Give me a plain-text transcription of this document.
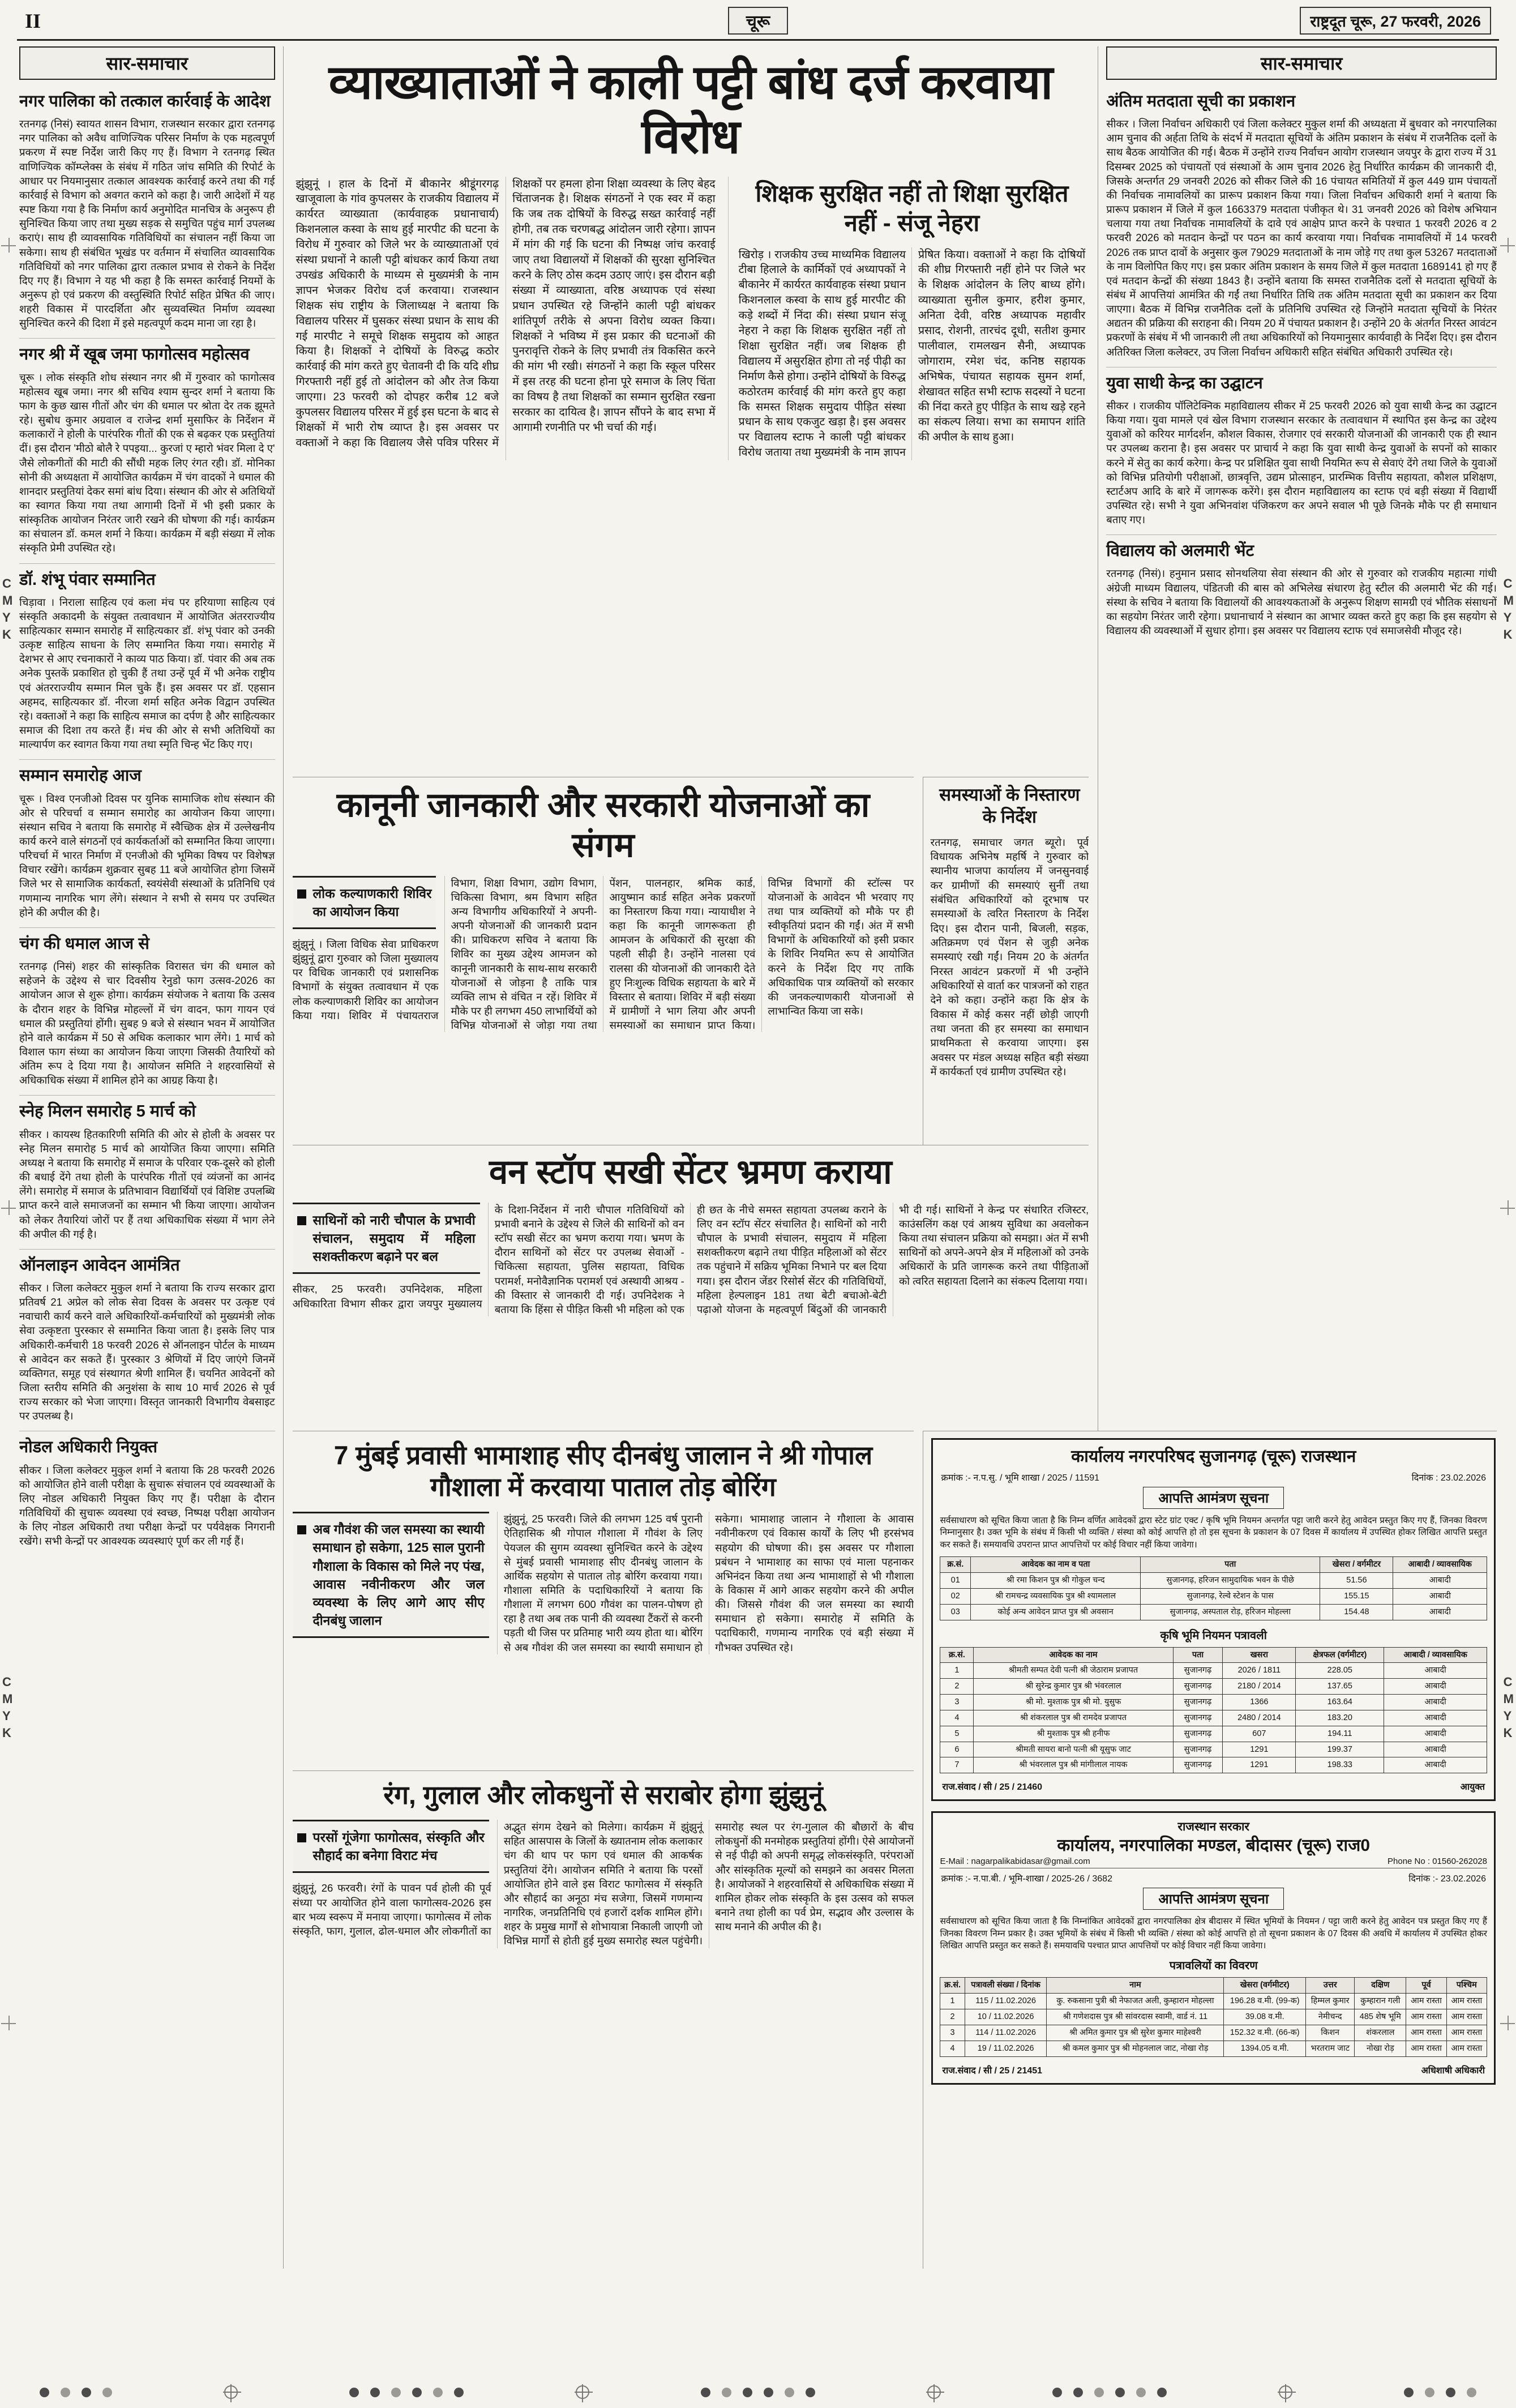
C
M
Y
K
C
M
Y
K
C
M
Y
K
C
M
Y
K
II	चूरू	राष्ट्रदूत चूरू, 27 फरवरी, 2026
सार-समाचार
नगर पालिका को तत्काल कार्रवाई के आदेश

रतनगढ़ (निसं) स्वायत शासन विभाग, राजस्थान सरकार द्वारा रतनगढ़ नगर पालिका को अवैध वाणिज्यिक परिसर निर्माण के एक महत्वपूर्ण प्रकरण में स्पष्ट निर्देश जारी किए गए हैं। विभाग ने रतनगढ़ स्थित वाणिज्यिक कॉम्प्लेक्स के संबंध में गठित जांच समिति की रिपोर्ट के आधार पर नियमानुसार तत्काल आवश्यक कार्रवाई करने तथा की गई कार्रवाई से विभाग को अवगत कराने को कहा है। जारी आदेशों में यह स्पष्ट किया गया है कि निर्माण कार्य अनुमोदित मानचित्र के अनुरूप ही सुनिश्चित किया जाए तथा मुख्य सड़क से समुचित पहुंच मार्ग उपलब्ध कराएं। साथ ही व्यावसायिक गतिविधियों का संचालन नहीं किया जा सकेगा। साथ ही संबंधित भूखंड पर वर्तमान में संचालित व्यावसायिक गतिविधियों को नगर पालिका द्वारा तत्काल प्रभाव से रोकने के निर्देश दिए गए हैं। विभाग ने यह भी कहा है कि समस्त कार्रवाई नियमों के अनुरूप हो एवं प्रकरण की वस्तुस्थिति रिपोर्ट सहित प्रेषित की जाए। शहरी विकास में पारदर्शिता और सुव्यवस्थित निर्माण व्यवस्था सुनिश्चित करने की दिशा में इसे महत्वपूर्ण कदम माना जा रहा है।

नगर श्री में खूब जमा फागोत्सव महोत्सव

चूरू । लोक संस्कृति शोध संस्थान नगर श्री में गुरुवार को फागोत्सव महोत्सव खूब जमा। नगर श्री सचिव श्याम सुन्दर शर्मा ने बताया कि फाग के कुछ खास गीतों और चंग की धमाल पर श्रोता देर तक झूमते रहे। सुबोध कुमार अग्रवाल व राजेन्द्र शर्मा मुसाफिर के निर्देशन में कलाकारों ने होली के पारंपरिक गीतों की एक से बढ़कर एक प्रस्तुतियां दीं। इस दौरान 'मीठो बोलै रे पपइया... कुरजां ए म्हारो भंवर मिला दे ए' जैसे लोकगीतों की माटी की सौंधी महक लिए रंगत रही। डॉ. मोनिका सोनी की अध्यक्षता में आयोजित कार्यक्रम में चंग वादकों ने धमाल की शानदार प्रस्तुतियां देकर समां बांध दिया। संस्थान की ओर से अतिथियों का स्वागत किया गया तथा आगामी दिनों में भी इसी प्रकार के सांस्कृतिक आयोजन निरंतर जारी रखने की घोषणा की गई। कार्यक्रम का संचालन डॉ. कमल शर्मा ने किया। कार्यक्रम में बड़ी संख्या में लोक संस्कृति प्रेमी उपस्थित रहे।

डॉ. शंभू पंवार सम्मानित

चिड़ावा । निराला साहित्य एवं कला मंच पर हरियाणा साहित्य एवं संस्कृति अकादमी के संयुक्त तत्वावधान में आयोजित अंतरराज्यीय साहित्यकार सम्मान समारोह में साहित्यकार डॉ. शंभू पंवार को उनकी उत्कृष्ट साहित्य साधना के लिए सम्मानित किया गया। समारोह में देशभर से आए रचनाकारों ने काव्य पाठ किया। डॉ. पंवार की अब तक अनेक पुस्तकें प्रकाशित हो चुकी हैं तथा उन्हें पूर्व में भी अनेक राष्ट्रीय एवं अंतरराज्यीय सम्मान मिल चुके हैं। इस अवसर पर डॉ. एहसान अहमद, साहित्यकार डॉ. नीरजा शर्मा सहित अनेक विद्वान उपस्थित रहे। वक्ताओं ने कहा कि साहित्य समाज का दर्पण है और साहित्यकार समाज की दिशा तय करते हैं। मंच की ओर से सभी अतिथियों का माल्यार्पण कर स्वागत किया गया तथा स्मृति चिन्ह भेंट किए गए।

सम्मान समारोह आज

चूरू । विश्व एनजीओ दिवस पर युनिक सामाजिक शोध संस्थान की ओर से परिचर्चा व सम्मान समारोह का आयोजन किया जाएगा। संस्थान सचिव ने बताया कि समारोह में स्वैच्छिक क्षेत्र में उल्लेखनीय कार्य करने वाले संगठनों एवं कार्यकर्ताओं को सम्मानित किया जाएगा। परिचर्चा में भारत निर्माण में एनजीओ की भूमिका विषय पर विशेषज्ञ विचार रखेंगे। कार्यक्रम शुक्रवार सुबह 11 बजे आयोजित होगा जिसमें जिले भर से सामाजिक कार्यकर्ता, स्वयंसेवी संस्थाओं के प्रतिनिधि एवं गणमान्य नागरिक भाग लेंगे। संस्थान ने सभी से समय पर उपस्थित होने की अपील की है।

चंग की धमाल आज से

रतनगढ़ (निसं) शहर की सांस्कृतिक विरासत चंग की धमाल को सहेजने के उद्देश्य से चार दिवसीय रेनुडो फाग उत्सव-2026 का आयोजन आज से शुरू होगा। कार्यक्रम संयोजक ने बताया कि उत्सव के दौरान शहर के विभिन्न मोहल्लों में चंग वादन, फाग गायन एवं धमाल की प्रस्तुतियां होंगी। सुबह 9 बजे से संस्थान भवन में आयोजित होने वाले कार्यक्रम में 50 से अधिक कलाकार भाग लेंगे। 1 मार्च को विशाल फाग संध्या का आयोजन किया जाएगा जिसकी तैयारियों को अंतिम रूप दे दिया गया है। आयोजन समिति ने शहरवासियों से अधिकाधिक संख्या में शामिल होने का आग्रह किया है।

स्नेह मिलन समारोह 5 मार्च को

सीकर । कायस्थ हितकारिणी समिति की ओर से होली के अवसर पर स्नेह मिलन समारोह 5 मार्च को आयोजित किया जाएगा। समिति अध्यक्ष ने बताया कि समारोह में समाज के परिवार एक-दूसरे को होली की बधाई देंगे तथा होली के पारंपरिक गीतों एवं व्यंजनों का आनंद लेंगे। समारोह में समाज के प्रतिभावान विद्यार्थियों एवं विशिष्ट उपलब्धि प्राप्त करने वाले समाजजनों का सम्मान भी किया जाएगा। आयोजन को लेकर तैयारियां जोरों पर हैं तथा अधिकाधिक संख्या में भाग लेने की अपील की गई है।

ऑनलाइन आवेदन आमंत्रित

सीकर । जिला कलेक्टर मुकुल शर्मा ने बताया कि राज्य सरकार द्वारा प्रतिवर्ष 21 अप्रेल को लोक सेवा दिवस के अवसर पर उत्कृष्ट एवं नवाचारी कार्य करने वाले अधिकारियों-कर्मचारियों को मुख्यमंत्री लोक सेवा उत्कृष्टता पुरस्कार से सम्मानित किया जाता है। इसके लिए पात्र अधिकारी-कर्मचारी 18 फरवरी 2026 से ऑनलाइन पोर्टल के माध्यम से आवेदन कर सकते हैं। पुरस्कार 3 श्रेणियों में दिए जाएंगे जिनमें व्यक्तिगत, समूह एवं संस्थागत श्रेणी शामिल हैं। चयनित आवेदनों को जिला स्तरीय समिति की अनुशंसा के साथ 10 मार्च 2026 से पूर्व राज्य सरकार को भेजा जाएगा। विस्तृत जानकारी विभागीय वेबसाइट पर उपलब्ध है।

नोडल अधिकारी नियुक्त

सीकर । जिला कलेक्टर मुकुल शर्मा ने बताया कि 28 फरवरी 2026 को आयोजित होने वाली परीक्षा के सुचारू संचालन एवं व्यवस्थाओं के लिए नोडल अधिकारी नियुक्त किए गए हैं। परीक्षा के दौरान गतिविधियों की सुचारू व्यवस्था एवं स्वच्छ, निष्पक्ष परीक्षा आयोजन के लिए नोडल अधिकारी तथा परीक्षा केन्द्रों पर पर्यवेक्षक निगरानी रखेंगे। सभी केन्द्रों पर आवश्यक व्यवस्थाएं पूर्ण कर ली गई हैं।

व्याख्याताओं ने काली पट्टी बांध दर्ज करवाया विरोध
झुंझुनूं । हाल के दिनों में बीकानेर श्रीडूंगरगढ़ खाजूवाला के गांव कुपलसर के राजकीय विद्यालय में कार्यरत व्याख्याता (कार्यवाहक प्रधानाचार्य) किशनलाल कस्वा के साथ हुई मारपीट की घटना के विरोध में गुरुवार को जिले भर के व्याख्याताओं एवं संस्था प्रधानों ने काली पट्टी बांधकर कार्य किया तथा उपखंड अधिकारी के माध्यम से मुख्यमंत्री के नाम ज्ञापन भेजकर विरोध दर्ज करवाया। राजस्थान शिक्षक संघ राष्ट्रीय के जिलाध्यक्ष ने बताया कि विद्यालय परिसर में घुसकर संस्था प्रधान के साथ की गई मारपीट ने समूचे शिक्षक समुदाय को आहत किया है। शिक्षकों ने दोषियों के विरुद्ध कठोर कार्रवाई की मांग करते हुए चेतावनी दी कि यदि शीघ्र गिरफ्तारी नहीं हुई तो आंदोलन को और तेज किया जाएगा। 23 फरवरी को दोपहर करीब 12 बजे कुपलसर विद्यालय परिसर में हुई इस घटना के बाद से शिक्षकों में भारी रोष व्याप्त है। इस अवसर पर वक्ताओं ने कहा कि विद्यालय जैसे पवित्र परिसर में शिक्षकों पर हमला होना शिक्षा व्यवस्था के लिए बेहद चिंताजनक है। शिक्षक संगठनों ने एक स्वर में कहा कि जब तक दोषियों के विरुद्ध सख्त कार्रवाई नहीं होगी, तब तक चरणबद्ध आंदोलन जारी रहेगा। ज्ञापन में मांग की गई कि घटना की निष्पक्ष जांच करवाई जाए तथा विद्यालयों में शिक्षकों की सुरक्षा सुनिश्चित करने के लिए ठोस कदम उठाए जाएं। इस दौरान बड़ी संख्या में व्याख्याता, वरिष्ठ अध्यापक एवं संस्था प्रधान उपस्थित रहे जिन्होंने काली पट्टी बांधकर शांतिपूर्ण तरीके से अपना विरोध व्यक्त किया। शिक्षकों ने भविष्य में इस प्रकार की घटनाओं की पुनरावृत्ति रोकने के लिए प्रभावी तंत्र विकसित करने की मांग भी रखी। संगठनों ने कहा कि स्कूल परिसर में इस तरह की घटना होना पूरे समाज के लिए चिंता का विषय है तथा शिक्षकों का सम्मान सुरक्षित रखना सरकार का दायित्व है। ज्ञापन सौंपने के बाद सभा में आगामी रणनीति पर भी चर्चा की गई।
शिक्षक सुरक्षित नहीं तो शिक्षा सुरक्षित नहीं - संजू नेहरा
खिरोड़ । राजकीय उच्च माध्यमिक विद्यालय टीबा हिलाले के कार्मिकों एवं अध्यापकों ने बीकानेर में कार्यरत कार्यवाहक संस्था प्रधान किशनलाल कस्वा के साथ हुई मारपीट की कड़े शब्दों में निंदा की। संस्था प्रधान संजू नेहरा ने कहा कि शिक्षक सुरक्षित नहीं तो शिक्षा सुरक्षित नहीं। जब शिक्षक ही विद्यालय में असुरक्षित होगा तो नई पीढ़ी का निर्माण कैसे होगा। उन्होंने दोषियों के विरुद्ध कठोरतम कार्रवाई की मांग करते हुए कहा कि समस्त शिक्षक समुदाय पीड़ित संस्था प्रधान के साथ एकजुट खड़ा है। इस अवसर पर विद्यालय स्टाफ ने काली पट्टी बांधकर विरोध जताया तथा मुख्यमंत्री के नाम ज्ञापन प्रेषित किया। वक्ताओं ने कहा कि दोषियों की शीघ्र गिरफ्तारी नहीं होने पर जिले भर के शिक्षक आंदोलन के लिए बाध्य होंगे। व्याख्याता सुनील कुमार, हरीश कुमार, अनिता देवी, वरिष्ठ अध्यापक महावीर प्रसाद, रोशनी, तारचंद दूधी, सतीश कुमार पालीवाल, रामलखन सैनी, अध्यापक जोगाराम, रमेश चंद, कनिष्ठ सहायक अभिषेक, पंचायत सहायक सुमन शर्मा, शेखावत सहित सभी स्टाफ सदस्यों ने घटना की निंदा करते हुए पीड़ित के साथ खड़े रहने का संकल्प लिया। सभा का समापन शांति की अपील के साथ हुआ।
कानूनी जानकारी और सरकारी योजनाओं का संगम
लोक कल्याणकारी शिविर का आयोजन किया
झुंझुनूं । जिला विधिक सेवा प्राधिकरण झुंझुनूं द्वारा गुरुवार को जिला मुख्यालय पर विधिक जानकारी एवं प्रशासनिक विभागों के संयुक्त तत्वावधान में एक लोक कल्याणकारी शिविर का आयोजन किया गया। शिविर में पंचायतराज विभाग, शिक्षा विभाग, उद्योग विभाग, चिकित्सा विभाग, श्रम विभाग सहित अन्य विभागीय अधिकारियों ने अपनी-अपनी योजनाओं की जानकारी प्रदान की। प्राधिकरण सचिव ने बताया कि शिविर का मुख्य उद्देश्य आमजन को कानूनी जानकारी के साथ-साथ सरकारी योजनाओं से जोड़ना है ताकि पात्र व्यक्ति लाभ से वंचित न रहें। शिविर में मौके पर ही लगभग 450 लाभार्थियों को विभिन्न योजनाओं से जोड़ा गया तथा पेंशन, पालनहार, श्रमिक कार्ड, आयुष्मान कार्ड सहित अनेक प्रकरणों का निस्तारण किया गया। न्यायाधीश ने कहा कि कानूनी जागरूकता ही आमजन के अधिकारों की सुरक्षा की पहली सीढ़ी है। उन्होंने नालसा एवं रालसा की योजनाओं की जानकारी देते हुए निःशुल्क विधिक सहायता के बारे में विस्तार से बताया। शिविर में बड़ी संख्या में ग्रामीणों ने भाग लिया और अपनी समस्याओं का समाधान प्राप्त किया। विभिन्न विभागों की स्टॉल्स पर योजनाओं के आवेदन भी भरवाए गए तथा पात्र व्यक्तियों को मौके पर ही स्वीकृतियां प्रदान की गईं। अंत में सभी विभागों के अधिकारियों को इसी प्रकार के शिविर नियमित रूप से आयोजित करने के निर्देश दिए गए ताकि अधिकाधिक पात्र व्यक्तियों को सरकार की जनकल्याणकारी योजनाओं से लाभान्वित किया जा सके।
समस्याओं के निस्तारण के निर्देश

रतनगढ़, समाचार जगत ब्यूरो। पूर्व विधायक अभिनेष महर्षि ने गुरुवार को स्थानीय भाजपा कार्यालय में जनसुनवाई कर ग्रामीणों की समस्याएं सुनीं तथा संबंधित अधिकारियों को दूरभाष पर समस्याओं के त्वरित निस्तारण के निर्देश दिए। इस दौरान पानी, बिजली, सड़क, अतिक्रमण एवं पेंशन से जुड़ी अनेक समस्याएं रखी गईं। नियम 20 के अंतर्गत निरस्त आवंटन प्रकरणों में भी उन्होंने अधिकारियों से वार्ता कर पात्रजनों को राहत देने को कहा। उन्होंने कहा कि क्षेत्र के विकास में कोई कसर नहीं छोड़ी जाएगी तथा जनता की हर समस्या का समाधान प्राथमिकता से करवाया जाएगा। इस अवसर पर मंडल अध्यक्ष सहित बड़ी संख्या में कार्यकर्ता एवं ग्रामीण उपस्थित रहे।

वन स्टॉप सखी सेंटर भ्रमण कराया
साथिनों को नारी चौपाल के प्रभावी संचालन, समुदाय में महिला सशक्तीकरण बढ़ाने पर बल
सीकर, 25 फरवरी। उपनिदेशक, महिला अधिकारिता विभाग सीकर द्वारा जयपुर मुख्यालय के दिशा-निर्देशन में नारी चौपाल गतिविधियों को प्रभावी बनाने के उद्देश्य से जिले की साथिनों को वन स्टॉप सखी सेंटर का भ्रमण कराया गया। भ्रमण के दौरान साथिनों को सेंटर पर उपलब्ध सेवाओं - चिकित्सा सहायता, पुलिस सहायता, विधिक परामर्श, मनोवैज्ञानिक परामर्श एवं अस्थायी आश्रय - की विस्तार से जानकारी दी गई। उपनिदेशक ने बताया कि हिंसा से पीड़ित किसी भी महिला को एक ही छत के नीचे समस्त सहायता उपलब्ध कराने के लिए वन स्टॉप सेंटर संचालित है। साथिनों को नारी चौपाल के प्रभावी संचालन, समुदाय में महिला सशक्तीकरण बढ़ाने तथा पीड़ित महिलाओं को सेंटर तक पहुंचाने में सक्रिय भूमिका निभाने पर बल दिया गया। इस दौरान जेंडर रिसोर्स सेंटर की गतिविधियों, महिला हेल्पलाइन 181 तथा बेटी बचाओ-बेटी पढ़ाओ योजना के महत्वपूर्ण बिंदुओं की जानकारी भी दी गई। साथिनों ने केन्द्र पर संधारित रजिस्टर, काउंसलिंग कक्ष एवं आश्रय सुविधा का अवलोकन किया तथा संचालन प्रक्रिया को समझा। अंत में सभी साथिनों को अपने-अपने क्षेत्र में महिलाओं को उनके अधिकारों के प्रति जागरूक करने तथा पीड़िताओं को त्वरित सहायता दिलाने का संकल्प दिलाया गया।
7 मुंबई प्रवासी भामाशाह सीए दीनबंधु जालान ने श्री गोपाल गौशाला में करवाया पाताल तोड़ बोरिंग
अब गौवंश की जल समस्या का स्थायी समाधान हो सकेगा, 125 साल पुरानी गौशाला के विकास को मिले नए पंख, आवास नवीनीकरण और जल व्यवस्था के लिए आगे आए सीए दीनबंधु जालान
झुंझुनूं, 25 फरवरी। जिले की लगभग 125 वर्ष पुरानी ऐतिहासिक श्री गोपाल गौशाला में गौवंश के लिए पेयजल की सुगम व्यवस्था सुनिश्चित करने के उद्देश्य से मुंबई प्रवासी भामाशाह सीए दीनबंधु जालान के आर्थिक सहयोग से पाताल तोड़ बोरिंग करवाया गया। गौशाला समिति के पदाधिकारियों ने बताया कि गौशाला में लगभग 600 गौवंश का पालन-पोषण हो रहा है तथा अब तक पानी की व्यवस्था टैंकरों से करनी पड़ती थी जिस पर प्रतिमाह भारी व्यय होता था। बोरिंग से अब गौवंश की जल समस्या का स्थायी समाधान हो सकेगा। भामाशाह जालान ने गौशाला के आवास नवीनीकरण एवं विकास कार्यों के लिए भी हरसंभव सहयोग की घोषणा की। इस अवसर पर गौशाला प्रबंधन ने भामाशाह का साफा एवं माला पहनाकर अभिनंदन किया तथा अन्य भामाशाहों से भी गौशाला के विकास में आगे आकर सहयोग करने की अपील की। जिससे गौवंश की जल समस्या का स्थायी समाधान हो सकेगा। समारोह में समिति के पदाधिकारी, गणमान्य नागरिक एवं बड़ी संख्या में गौभक्त उपस्थित रहे।
रंग, गुलाल और लोकधुनों से सराबोर होगा झुंझुनूं
परसों गूंजेगा फागोत्सव, संस्कृति और सौहार्द का बनेगा विराट मंच
झुंझुनूं, 26 फरवरी। रंगों के पावन पर्व होली की पूर्व संध्या पर आयोजित होने वाला फागोत्सव-2026 इस बार भव्य स्वरूप में मनाया जाएगा। फागोत्सव में लोक संस्कृति, फाग, गुलाल, ढोल-धमाल और लोकगीतों का अद्भुत संगम देखने को मिलेगा। कार्यक्रम में झुंझुनूं सहित आसपास के जिलों के ख्यातनाम लोक कलाकार चंग की थाप पर फाग एवं धमाल की आकर्षक प्रस्तुतियां देंगे। आयोजन समिति ने बताया कि परसों आयोजित होने वाले इस विराट फागोत्सव में संस्कृति और सौहार्द का अनूठा मंच सजेगा, जिसमें गणमान्य नागरिक, जनप्रतिनिधि एवं हजारों दर्शक शामिल होंगे। शहर के प्रमुख मार्गों से शोभायात्रा निकाली जाएगी जो विभिन्न मार्गों से होती हुई मुख्य समारोह स्थल पहुंचेगी। समारोह स्थल पर रंग-गुलाल की बौछारों के बीच लोकधुनों की मनमोहक प्रस्तुतियां होंगी। ऐसे आयोजनों से नई पीढ़ी को अपनी समृद्ध लोकसंस्कृति, परंपराओं और सांस्कृतिक मूल्यों को समझने का अवसर मिलता है। आयोजकों ने शहरवासियों से अधिकाधिक संख्या में शामिल होकर लोक संस्कृति के इस उत्सव को सफल बनाने तथा होली का पर्व प्रेम, सद्भाव और उल्लास के साथ मनाने की अपील की है।
सार-समाचार
अंतिम मतदाता सूची का प्रकाशन

सीकर । जिला निर्वाचन अधिकारी एवं जिला कलेक्टर मुकुल शर्मा की अध्यक्षता में बुधवार को नगरपालिका आम चुनाव की अर्हता तिथि के संदर्भ में मतदाता सूचियों के अंतिम प्रकाशन के संबंध में राजनैतिक दलों के साथ बैठक आयोजित की गई। बैठक में उन्होंने राज्य निर्वाचन आयोग राजस्थान जयपुर के द्वारा राज्य में 31 दिसम्बर 2025 को पंचायतों एवं संस्थाओं के आम चुनाव 2026 हेतु निर्धारित कार्यक्रम की जानकारी दी, जिसके अन्तर्गत 29 जनवरी 2026 को सीकर जिले की 16 पंचायत समितियों में कुल 449 ग्राम पंचायतों की निर्वाचक नामावलियों का प्रारूप प्रकाशन किया गया। जिला निर्वाचन अधिकारी शर्मा ने बताया कि प्रारूप प्रकाशन में जिले में कुल 1663379 मतदाता पंजीकृत थे। 31 जनवरी 2026 को विशेष अभियान चलाया गया तथा निर्वाचक नामावलियों के दावे एवं आक्षेप प्राप्त करने के पश्चात 1 फरवरी 2026 व 2 फरवरी 2026 को मतदान केन्द्रों पर पठन का कार्य करवाया गया। निर्वाचक नामावलियों में 14 फरवरी 2026 तक प्राप्त दावों के अनुसार कुल 79029 मतदाताओं के नाम जोड़े गए तथा कुल 53267 मतदाताओं के नाम विलोपित किए गए। इस प्रकार अंतिम प्रकाशन के समय जिले में कुल मतदाता 1689141 हो गए हैं एवं मतदान केन्द्रों की संख्या 1843 है। उन्होंने बताया कि समस्त राजनैतिक दलों से मतदाता सूचियों के संबंध में आपत्तियां आमंत्रित की गईं तथा निर्धारित तिथि तक अंतिम मतदाता सूची का प्रकाशन कर दिया जाएगा। बैठक में विभिन्न राजनैतिक दलों के प्रतिनिधि उपस्थित रहे जिन्होंने मतदाता सूचियों के निरंतर अद्यतन की प्रक्रिया की सराहना की। नियम 20 में पंचायत प्रकाशन है। उन्होंने 20 के अंतर्गत निरस्त आवंटन प्रकरणों के संबंध में भी जानकारी ली तथा अधिकारियों को नियमानुसार कार्यवाही के निर्देश दिए। इस दौरान अतिरिक्त जिला कलेक्टर, उप जिला निर्वाचन अधिकारी सहित संबंधित अधिकारी उपस्थित रहे।

युवा साथी केन्द्र का उद्घाटन

सीकर । राजकीय पॉलिटेक्निक महाविद्यालय सीकर में 25 फरवरी 2026 को युवा साथी केन्द्र का उद्घाटन किया गया। युवा मामले एवं खेल विभाग राजस्थान सरकार के तत्वावधान में स्थापित इस केन्द्र का उद्देश्य युवाओं को करियर मार्गदर्शन, कौशल विकास, रोजगार एवं सरकारी योजनाओं की जानकारी एक ही स्थान पर उपलब्ध कराना है। इस अवसर पर प्राचार्य ने कहा कि युवा साथी केन्द्र युवाओं के सपनों को साकार करने में सेतु का कार्य करेगा। केन्द्र पर प्रशिक्षित युवा साथी नियमित रूप से सेवाएं देंगे तथा जिले के युवाओं को विभिन्न प्रतियोगी परीक्षाओं, छात्रवृत्ति, उद्यम प्रोत्साहन, प्रारम्भिक वित्तीय सहायता, कौशल प्रशिक्षण, स्टार्टअप आदि के बारे में जागरूक करेंगे। इस दौरान महाविद्यालय का स्टाफ एवं बड़ी संख्या में विद्यार्थी उपस्थित रहे। सभी ने युवा अभिनवांश पंजिकरण कर अपने सवाल भी पूछे जिनके मौके पर ही समाधान बताए गए।

विद्यालय को अलमारी भेंट

रतनगढ़ (निसं)। हनुमान प्रसाद सोनथलिया सेवा संस्थान की ओर से गुरुवार को राजकीय महात्मा गांधी अंग्रेजी माध्यम विद्यालय, पंडितजी की बास को अभिलेख संधारण हेतु स्टील की अलमारी भेंट की गई। संस्था के सचिव ने बताया कि विद्यालयों की आवश्यकताओं के अनुरूप शिक्षण सामग्री एवं भौतिक संसाधनों का सहयोग निरंतर जारी रहेगा। प्रधानाचार्य ने संस्थान का आभार व्यक्त करते हुए कहा कि इस सहयोग से विद्यालय की व्यवस्थाओं में सुधार होगा। इस अवसर पर विद्यालय स्टाफ एवं समाजसेवी मौजूद रहे।

कार्यालय नगरपरिषद सुजानगढ़ (चूरू) राजस्थान
क्रमांक :- न.प.सु. / भूमि शाखा / 2025 / 11591	दिनांक : 23.02.2026
आपत्ति आमंत्रण सूचना

सर्वसाधारण को सूचित किया जाता है कि निम्न वर्णित आवेदकों द्वारा स्टेट ग्रांट एक्ट / कृषि भूमि नियमन अन्तर्गत पट्टा जारी करने हेतु आवेदन प्रस्तुत किए गए हैं, जिनका विवरण निम्नानुसार है। उक्त भूमि के संबंध में किसी भी व्यक्ति / संस्था को कोई आपत्ति हो तो इस सूचना के प्रकाशन के 07 दिवस में कार्यालय में उपस्थित होकर लिखित आपत्ति प्रस्तुत कर सकते हैं। समयावधि उपरान्त प्राप्त आपत्तियों पर कोई विचार नहीं किया जावेगा।

क्र.सं.	आवेदक का नाम व पता	पता	खेसरा / वर्गमीटर	आबादी / व्यावसायिक
01	श्री रमा किशन पुत्र श्री गोकुल चन्द	सुजानगढ़, हरिजन सामुदायिक भवन के पीछे	51.56	आबादी
02	श्री रामचन्द्र व्यवसायिक पुत्र श्री श्यामलाल	सुजानगढ़, रेल्वे स्टेशन के पास	155.15	आबादी
03	कोई अन्य आवेदन प्राप्त पुत्र श्री अवसान	सुजानगढ़, अस्पताल रोड़, हरिजन मोहल्ला	154.48	आबादी
कृषि भूमि नियमन पत्रावली
क्र.सं.	आवेदक का नाम	पता	खसरा	क्षेत्रफल (वर्गमीटर)	आबादी / व्यावसायिक
1	श्रीमती सम्पत देवी पत्नी श्री जेठाराम प्रजापत	सुजानगढ़	2026 / 1811	228.05	आबादी
2	श्री सुरेन्द्र कुमार पुत्र श्री भंवरलाल	सुजानगढ़	2180 / 2014	137.65	आबादी
3	श्री मो. मुश्ताक पुत्र श्री मो. युसुफ	सुजानगढ़	1366	163.64	आबादी
4	श्री शंकरलाल पुत्र श्री रामदेव प्रजापत	सुजानगढ़	2480 / 2014	183.20	आबादी
5	श्री मुश्ताक पुत्र श्री हनीफ	सुजानगढ़	607	194.11	आबादी
6	श्रीमती सायरा बानो पत्नी श्री यूसुफ जाट	सुजानगढ़	1291	199.37	आबादी
7	श्री भंवरलाल पुत्र श्री मांगीलाल नायक	सुजानगढ़	1291	198.33	आबादी
राज.संवाद / सी / 25 / 21460	आयुक्त
राजस्थान सरकार
कार्यालय, नगरपालिका मण्डल, बीदासर (चूरू) राज0
E-Mail : nagarpalikabidasar@gmail.com	Phone No : 01560-262028
क्रमांक :- न.पा.बी. / भूमि-शाखा / 2025-26 / 3682	दिनांक :- 23.02.2026
आपत्ति आमंत्रण सूचना

सर्वसाधारण को सूचित किया जाता है कि निम्नांकित आवेदकों द्वारा नगरपालिका क्षेत्र बीदासर में स्थित भूमियों के नियमन / पट्टा जारी करने हेतु आवेदन पत्र प्रस्तुत किए गए हैं जिनका विवरण निम्न प्रकार है। उक्त भूमियों के संबंध में किसी भी व्यक्ति / संस्था को कोई आपत्ति हो तो सूचना प्रकाशन के 07 दिवस की अवधि में कार्यालय में उपस्थित होकर लिखित आपत्ति प्रस्तुत कर सकते हैं। समयावधि पश्चात प्राप्त आपत्तियों पर कोई विचार नहीं किया जावेगा।

पत्रावलियों का विवरण
क्र.सं.	पत्रावली संख्या / दिनांक	नाम	खेसरा (वर्गमीटर)	उत्तर	दक्षिण	पूर्व	पश्चिम
1	115 / 11.02.2026	कु. रुकसाना पुत्री श्री नेफाजत अली, कुम्हारान मोहल्ला	196.28 व.मी. (99-क)	हिम्मल कुमार	कुम्हारान गली	आम रास्ता	आम रास्ता
2	10 / 11.02.2026	श्री गणेशदास पुत्र श्री सांवरदास स्वामी, वार्ड नं. 11	39.08 व.मी.	नेमीचन्द	485 शेष भूमि	आम रास्ता	आम रास्ता
3	114 / 11.02.2026	श्री अमित कुमार पुत्र श्री सुरेश कुमार माहेश्वरी	152.32 व.मी. (66-क)	किशन	शंकरलाल	आम रास्ता	आम रास्ता
4	19 / 11.02.2026	श्री कमल कुमार पुत्र श्री मोहनलाल जाट, नोखा रोड़	1394.05 व.मी.	भरतराम जाट	नोखा रोड़	आम रास्ता	आम रास्ता
राज.संवाद / सी / 25 / 21451	अधिशाषी अधिकारी
